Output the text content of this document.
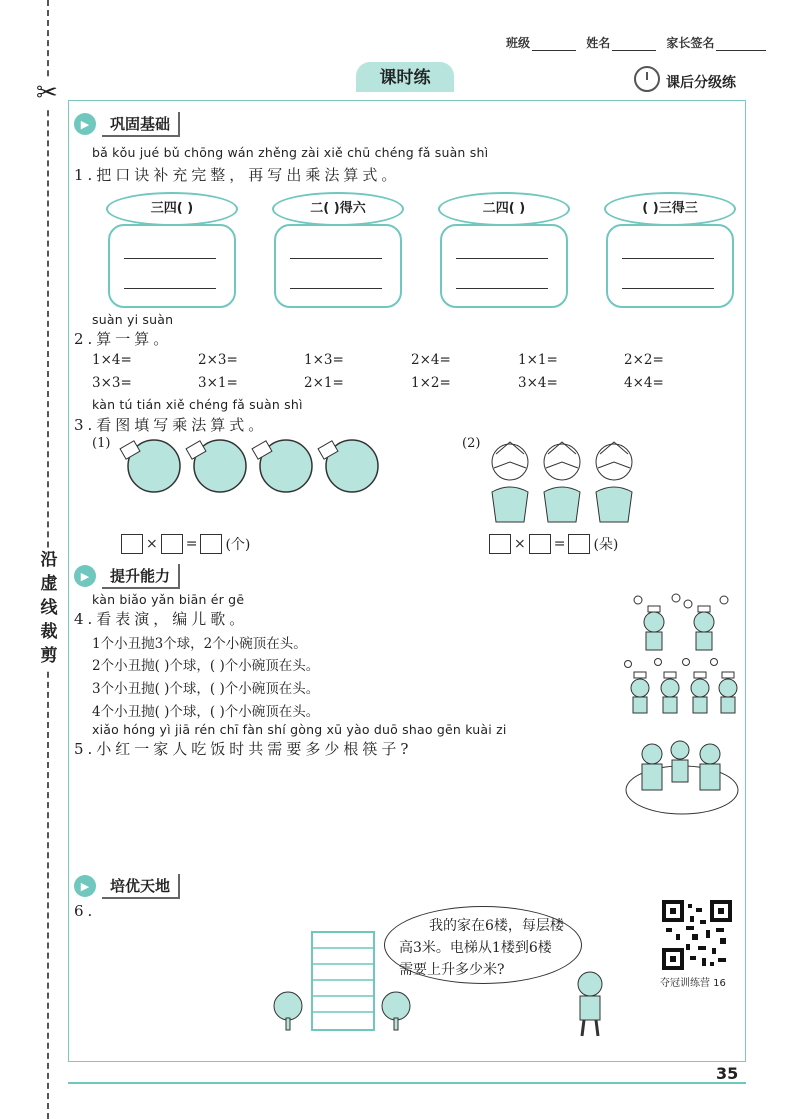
✂
沿
虚
线
裁
剪
班级	姓名	家长签名
课时练	课后分级练
▶	巩固基础
bǎ kǒu jué bǔ chōng wán zhěng zài xiě chū chéng fǎ suàn shì
1.把口诀补充完整，再写出乘法算式。
三四( )	二( )得六	二四( )	( )三得三
suàn yi suàn
2.算一算。
1×4=	2×3=	1×3=	2×4=	1×1=	2×2=
3×3=	3×1=	2×1=	1×2=	3×4=	4×4=
kàn tú tián xiě chéng fǎ suàn shì
3.看图填写乘法算式。
(1)	(2)
× = (个)	× = (朵)
▶	提升能力
kàn biǎo yǎn biān ér gē
4.看表演，编儿歌。
1个小丑抛3个球，2个小碗顶在头。
2个小丑抛( )个球，( )个小碗顶在头。
3个小丑抛( )个球，( )个小碗顶在头。
4个小丑抛( )个球，( )个小碗顶在头。
xiǎo hóng yì jiā rén chī fàn shí gòng xū yào duō shao gēn kuài zi
5.小红一家人吃饭时共需要多少根筷子?
▶	培优天地
6.
我的家在6楼，每层楼
高3米。电梯从1楼到6楼
需要上升多少米?
夺冠训练营 16
35
